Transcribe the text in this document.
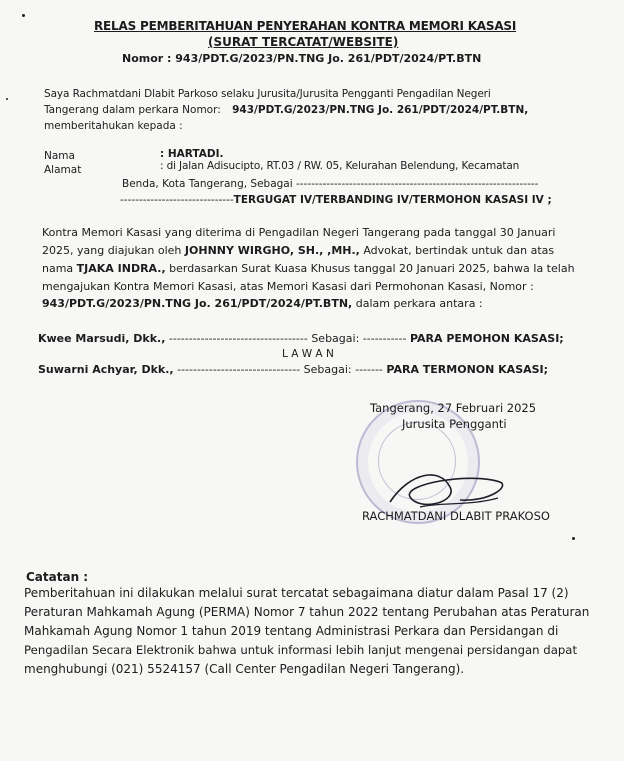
RELAS PEMBERITAHUAN PENYERAHAN KONTRA MEMORI KASASI
(SURAT TERCATAT/WEBSITE)
Nomor : 943/PDT.G/2023/PN.TNG Jo. 261/PDT/2024/PT.BTN
Saya Rachmatdani Dlabit Parkoso selaku Jurusita/Jurusita Pengganti Pengadilan Negeri
Tangerang dalam perkara Nomor: 943/PDT.G/2023/PN.TNG Jo. 261/PDT/2024/PT.BTN,
memberitahukan kepada :
Nama	: HARTADI.
Alamat	: di Jalan Adisucipto, RT.03 / RW. 05, Kelurahan Belendung, Kecamatan
Benda, Kota Tangerang, Sebagai ----------------------------------------------------------------
------------------------------TERGUGAT IV/TERBANDING IV/TERMOHON KASASI IV ;
Kontra Memori Kasasi yang diterima di Pengadilan Negeri Tangerang pada tanggal 30 Januari
2025, yang diajukan oleh JOHNNY WIRGHO, SH., ,MH., Advokat, bertindak untuk dan atas
nama TJAKA INDRA., berdasarkan Surat Kuasa Khusus tanggal 20 Januari 2025, bahwa Ia telah
mengajukan Kontra Memori Kasasi, atas Memori Kasasi dari Permohonan Kasasi, Nomor :
943/PDT.G/2023/PN.TNG Jo. 261/PDT/2024/PT.BTN, dalam perkara antara :
Kwee Marsudi, Dkk., ----------------------------------- Sebagai: ----------- PARA PEMOHON KASASI;
L A W A N
Suwarni Achyar, Dkk., ------------------------------- Sebagai: ------- PARA TERMONON KASASI;
Tangerang, 27 Februari 2025
Jurusita Pengganti
RACHMATDANI DLABIT PRAKOSO
Catatan :
Pemberitahuan ini dilakukan melalui surat tercatat sebagaimana diatur dalam Pasal 17 (2)
Peraturan Mahkamah Agung (PERMA) Nomor 7 tahun 2022 tentang Perubahan atas Peraturan
Mahkamah Agung Nomor 1 tahun 2019 tentang Administrasi Perkara dan Persidangan di
Pengadilan Secara Elektronik bahwa untuk informasi lebih lanjut mengenai persidangan dapat
menghubungi (021) 5524157 (Call Center Pengadilan Negeri Tangerang).
